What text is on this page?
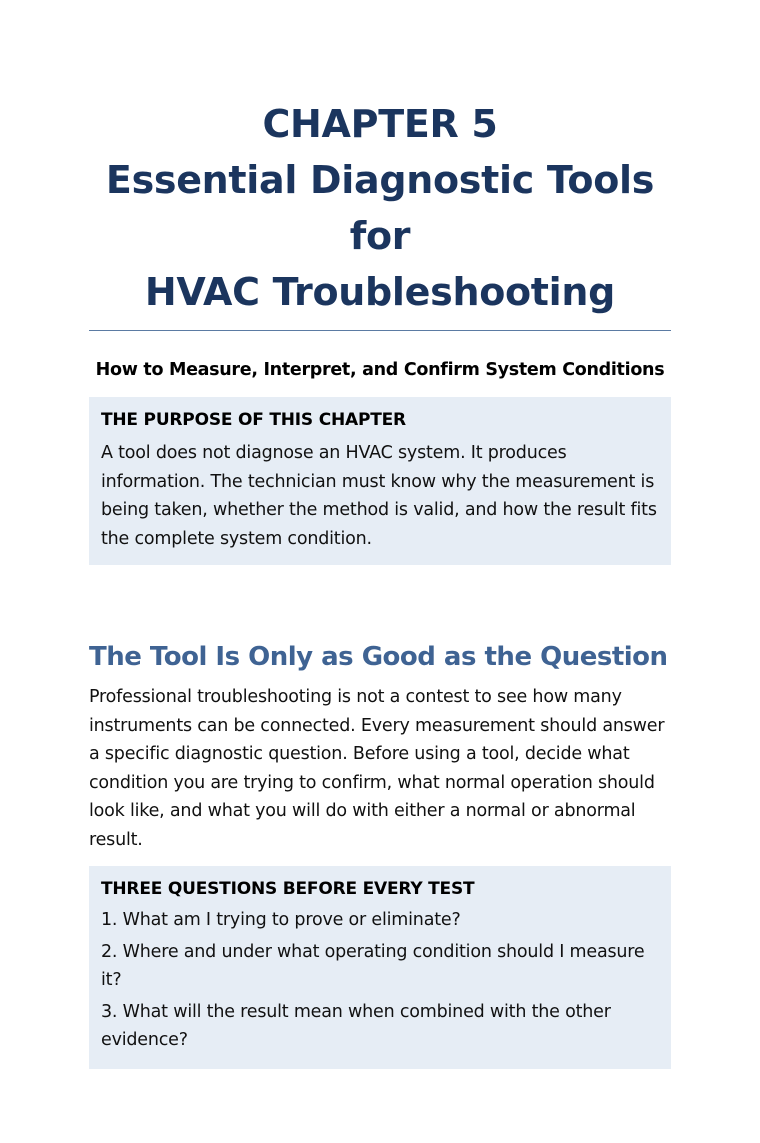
CHAPTER 5
Essential Diagnostic Tools for
HVAC Troubleshooting

How to Measure, Interpret, and Confirm System Conditions

THE PURPOSE OF THIS CHAPTER
A tool does not diagnose an HVAC system. It produces information. The technician must know why the measurement is being taken, whether the method is valid, and how the result fits the complete system condition.
The Tool Is Only as Good as the Question

Professional troubleshooting is not a contest to see how many instruments can be connected. Every measurement should answer a specific diagnostic question. Before using a tool, decide what condition you are trying to confirm, what normal operation should look like, and what you will do with either a normal or abnormal result.

THREE QUESTIONS BEFORE EVERY TEST
1. What am I trying to prove or eliminate?
2. Where and under what operating condition should I measure it?
3. What will the result mean when combined with the other evidence?
